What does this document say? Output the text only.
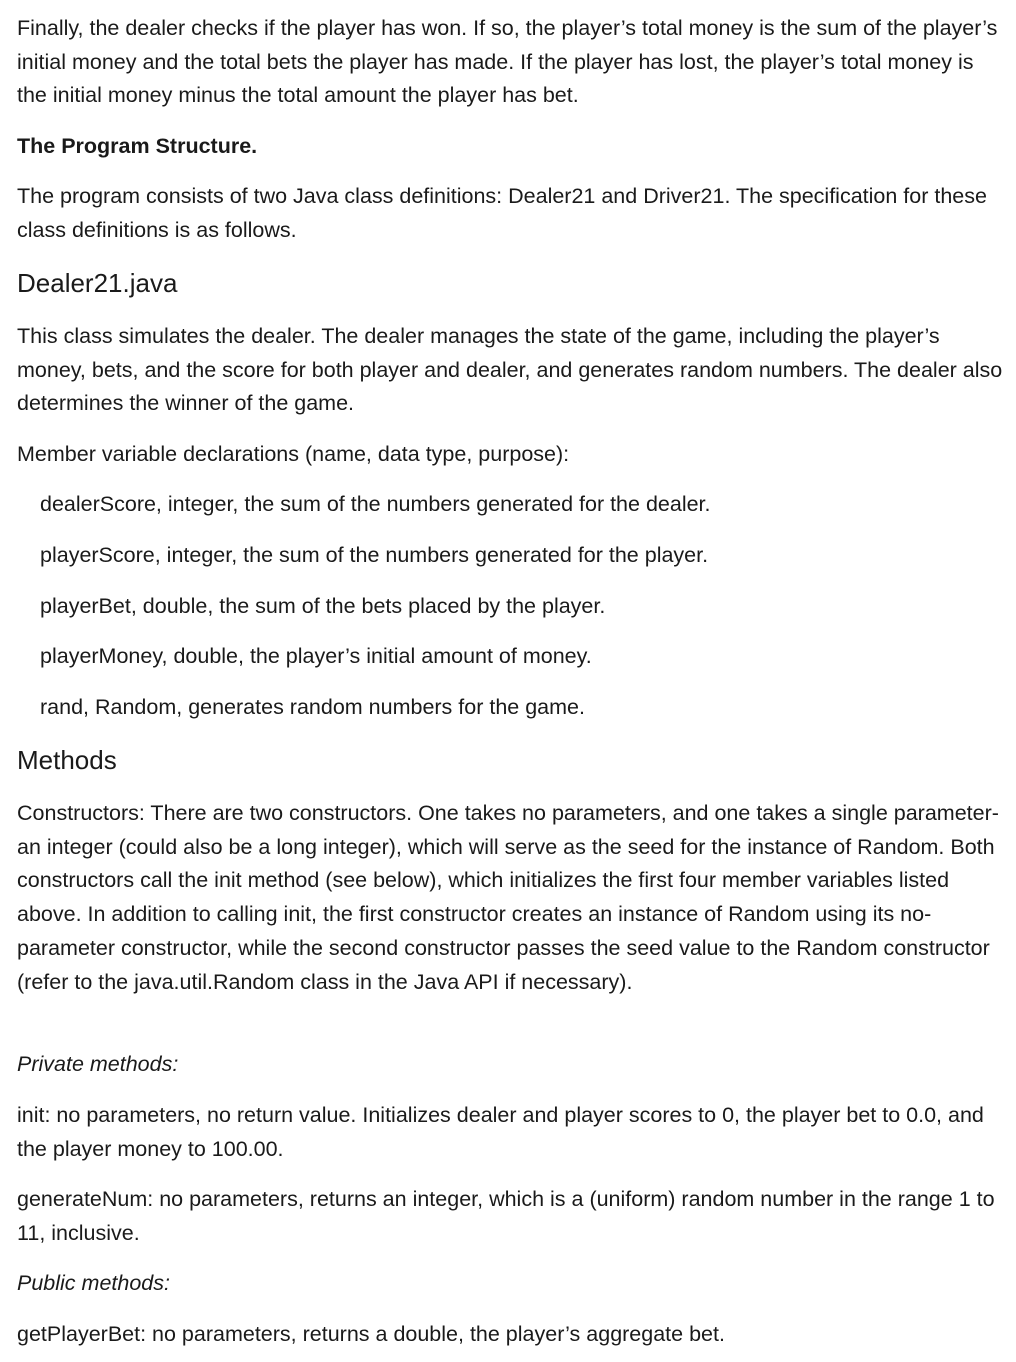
Finally, the dealer checks if the player has won. If so, the player’s total money is the sum of the player’s initial money and the total bets the player has made. If the player has lost, the player’s total money is the initial money minus the total amount the player has bet.

The Program Structure.

The program consists of two Java class definitions: Dealer21 and Driver21. The specification for these class definitions is as follows.

Dealer21.java

This class simulates the dealer. The dealer manages the state of the game, including the player’s money, bets, and the score for both player and dealer, and generates random numbers. The dealer also determines the winner of the game.

Member variable declarations (name, data type, purpose):

dealerScore, integer, the sum of the numbers generated for the dealer.

playerScore, integer, the sum of the numbers generated for the player.

playerBet, double, the sum of the bets placed by the player.

playerMoney, double, the player’s initial amount of money.

rand, Random, generates random numbers for the game.

Methods

Constructors: There are two constructors. One takes no parameters, and one takes a single parameter- an integer (could also be a long integer), which will serve as the seed for the instance of Random. Both constructors call the init method (see below), which initializes the first four member variables listed above. In addition to calling init, the first constructor creates an instance of Random using its no-parameter constructor, while the second constructor passes the seed value to the Random constructor (refer to the java.util.Random class in the Java API if necessary).

Private methods:

init: no parameters, no return value. Initializes dealer and player scores to 0, the player bet to 0.0, and the player money to 100.00.

generateNum: no parameters, returns an integer, which is a (uniform) random number in the range 1 to 11, inclusive.

Public methods:

getPlayerBet: no parameters, returns a double, the player’s aggregate bet.
